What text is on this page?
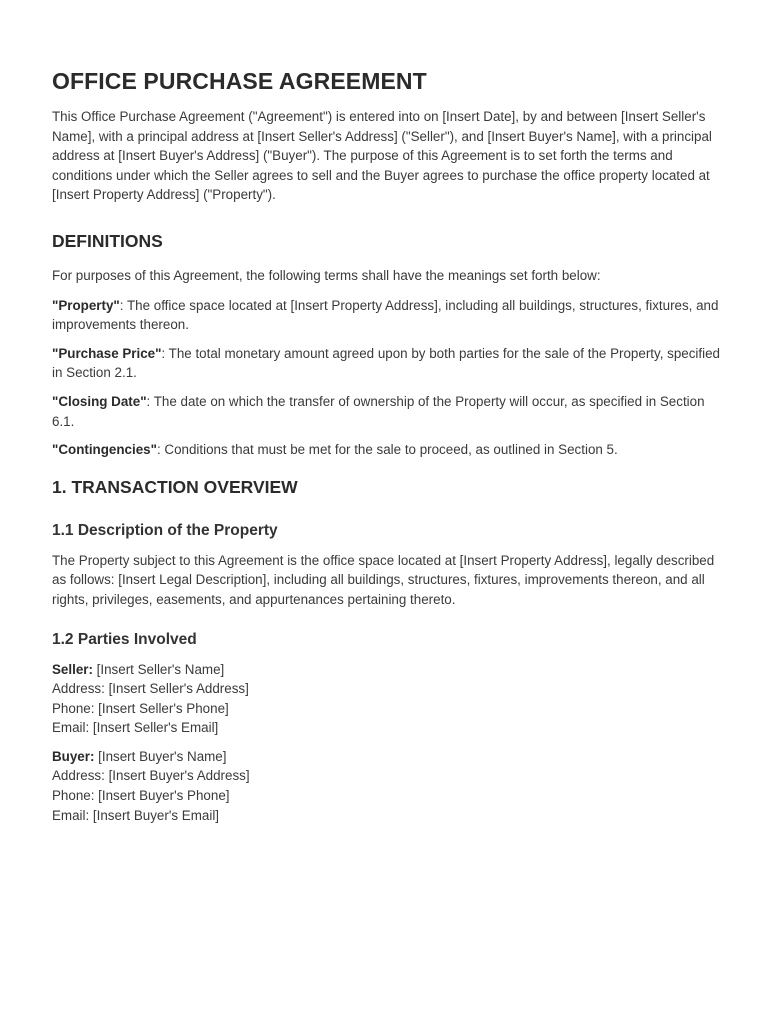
OFFICE PURCHASE AGREEMENT

This Office Purchase Agreement ("Agreement") is entered into on [Insert Date], by and between [Insert Seller's Name], with a principal address at [Insert Seller's Address] ("Seller"), and [Insert Buyer's Name], with a principal address at [Insert Buyer's Address] ("Buyer"). The purpose of this Agreement is to set forth the terms and conditions under which the Seller agrees to sell and the Buyer agrees to purchase the office property located at [Insert Property Address] ("Property").

DEFINITIONS

For purposes of this Agreement, the following terms shall have the meanings set forth below:

"Property": The office space located at [Insert Property Address], including all buildings, structures, fixtures, and improvements thereon.

"Purchase Price": The total monetary amount agreed upon by both parties for the sale of the Property, specified in Section 2.1.

"Closing Date": The date on which the transfer of ownership of the Property will occur, as specified in Section 6.1.

"Contingencies": Conditions that must be met for the sale to proceed, as outlined in Section 5.

1. TRANSACTION OVERVIEW
1.1 Description of the Property

The Property subject to this Agreement is the office space located at [Insert Property Address], legally described as follows: [Insert Legal Description], including all buildings, structures, fixtures, improvements thereon, and all rights, privileges, easements, and appurtenances pertaining thereto.

1.2 Parties Involved

Seller: [Insert Seller's Name]
Address: [Insert Seller's Address]
Phone: [Insert Seller's Phone]
Email: [Insert Seller's Email]

Buyer: [Insert Buyer's Name]
Address: [Insert Buyer's Address]
Phone: [Insert Buyer's Phone]
Email: [Insert Buyer's Email]
